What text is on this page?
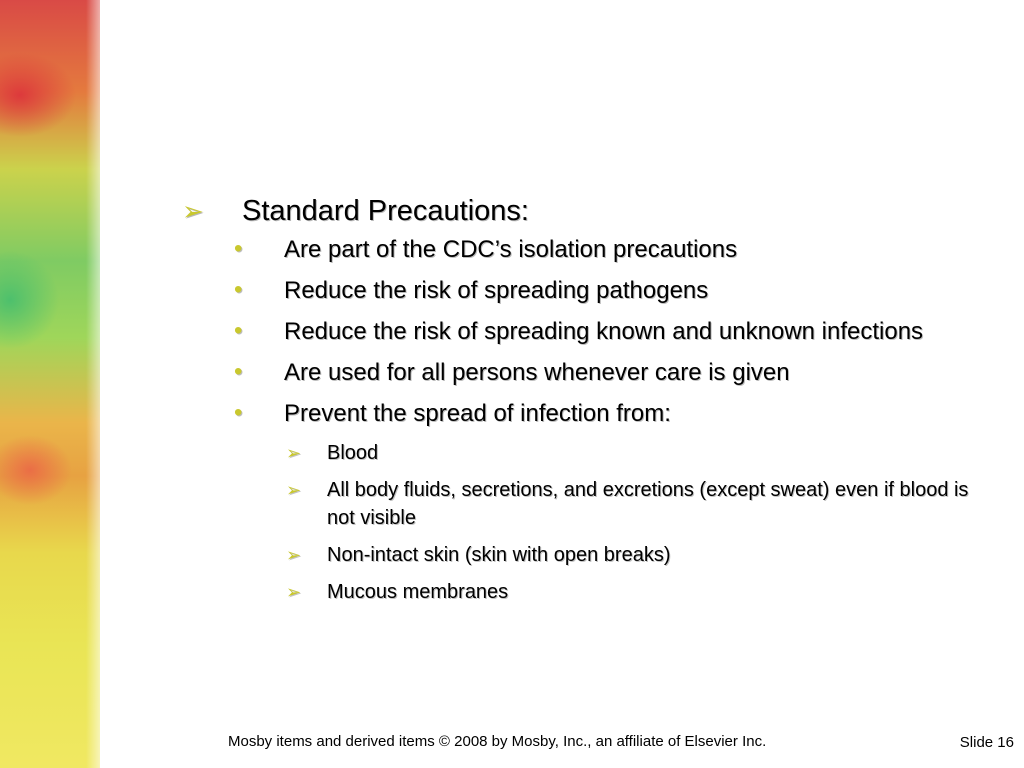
➢ Standard Precautions:
• Are part of the CDC’s isolation precautions
• Reduce the risk of spreading pathogens
• Reduce the risk of spreading known and unknown infections
• Are used for all persons whenever care is given
• Prevent the spread of infection from:
➢ Blood
➢ All body fluids, secretions, and excretions (except sweat) even if blood is not visible
➢ Non-intact skin (skin with open breaks)
➢ Mucous membranes
Mosby items and derived items © 2008 by Mosby, Inc., an affiliate of Elsevier Inc.	Slide 16
